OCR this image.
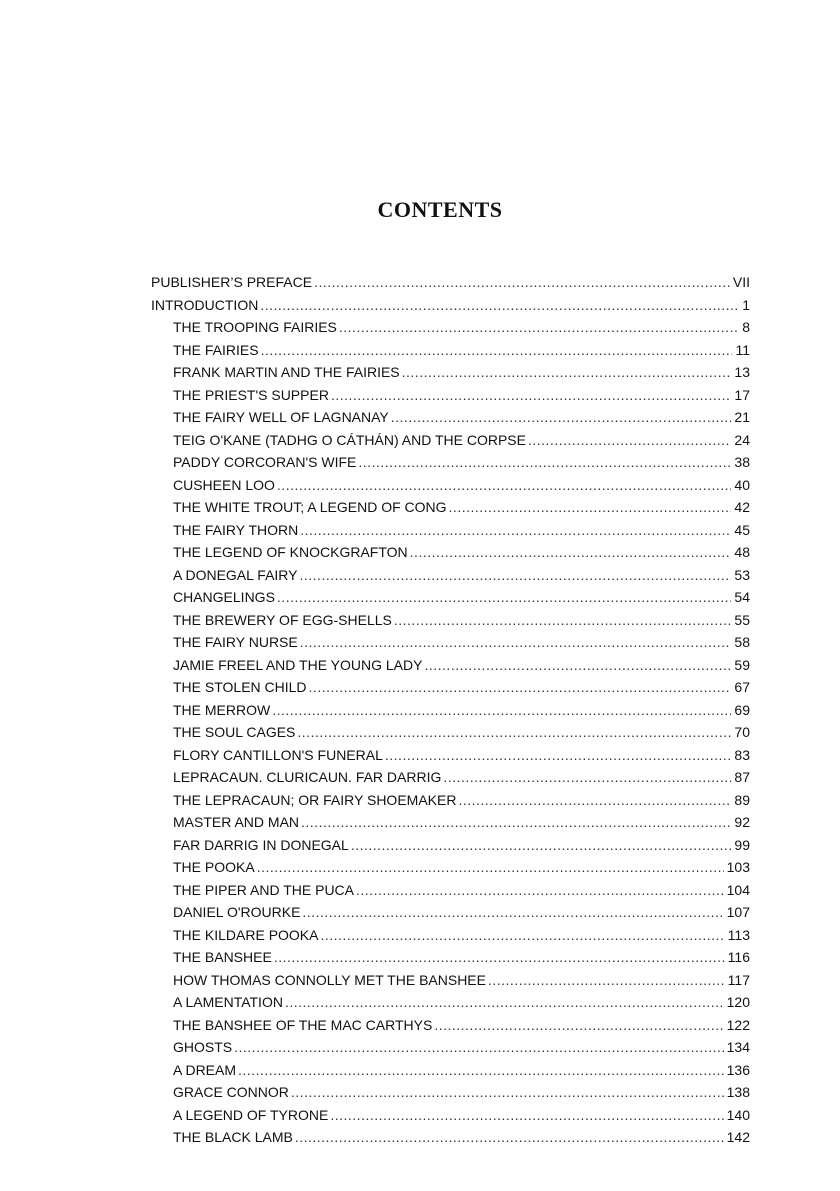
CONTENTS
PUBLISHER’S PREFACE .....	VII
INTRODUCTION .....	1
THE TROOPING FAIRIES .....	8
THE FAIRIES .....	11
FRANK MARTIN AND THE FAIRIES .....	13
THE PRIEST'S SUPPER .....	17
THE FAIRY WELL OF LAGNANAY .....	21
TEIG O'KANE (TADHG O CÁTHÁN) AND THE CORPSE .....	24
PADDY CORCORAN'S WIFE .....	38
CUSHEEN LOO .....	40
THE WHITE TROUT; A LEGEND OF CONG .....	42
THE FAIRY THORN .....	45
THE LEGEND OF KNOCKGRAFTON .....	48
A DONEGAL FAIRY .....	53
CHANGELINGS .....	54
THE BREWERY OF EGG-SHELLS .....	55
THE FAIRY NURSE .....	58
JAMIE FREEL AND THE YOUNG LADY .....	59
THE STOLEN CHILD .....	67
THE MERROW .....	69
THE SOUL CAGES .....	70
FLORY CANTILLON'S FUNERAL .....	83
LEPRACAUN. CLURICAUN. FAR DARRIG .....	87
THE LEPRACAUN; OR FAIRY SHOEMAKER .....	89
MASTER AND MAN .....	92
FAR DARRIG IN DONEGAL .....	99
THE POOKA .....	103
THE PIPER AND THE PUCA .....	104
DANIEL O'ROURKE .....	107
THE KILDARE POOKA .....	113
THE BANSHEE .....	116
HOW THOMAS CONNOLLY MET THE BANSHEE .....	117
A LAMENTATION .....	120
THE BANSHEE OF THE MAC CARTHYS .....	122
GHOSTS .....	134
A DREAM .....	136
GRACE CONNOR .....	138
A LEGEND OF TYRONE .....	140
THE BLACK LAMB .....	142
